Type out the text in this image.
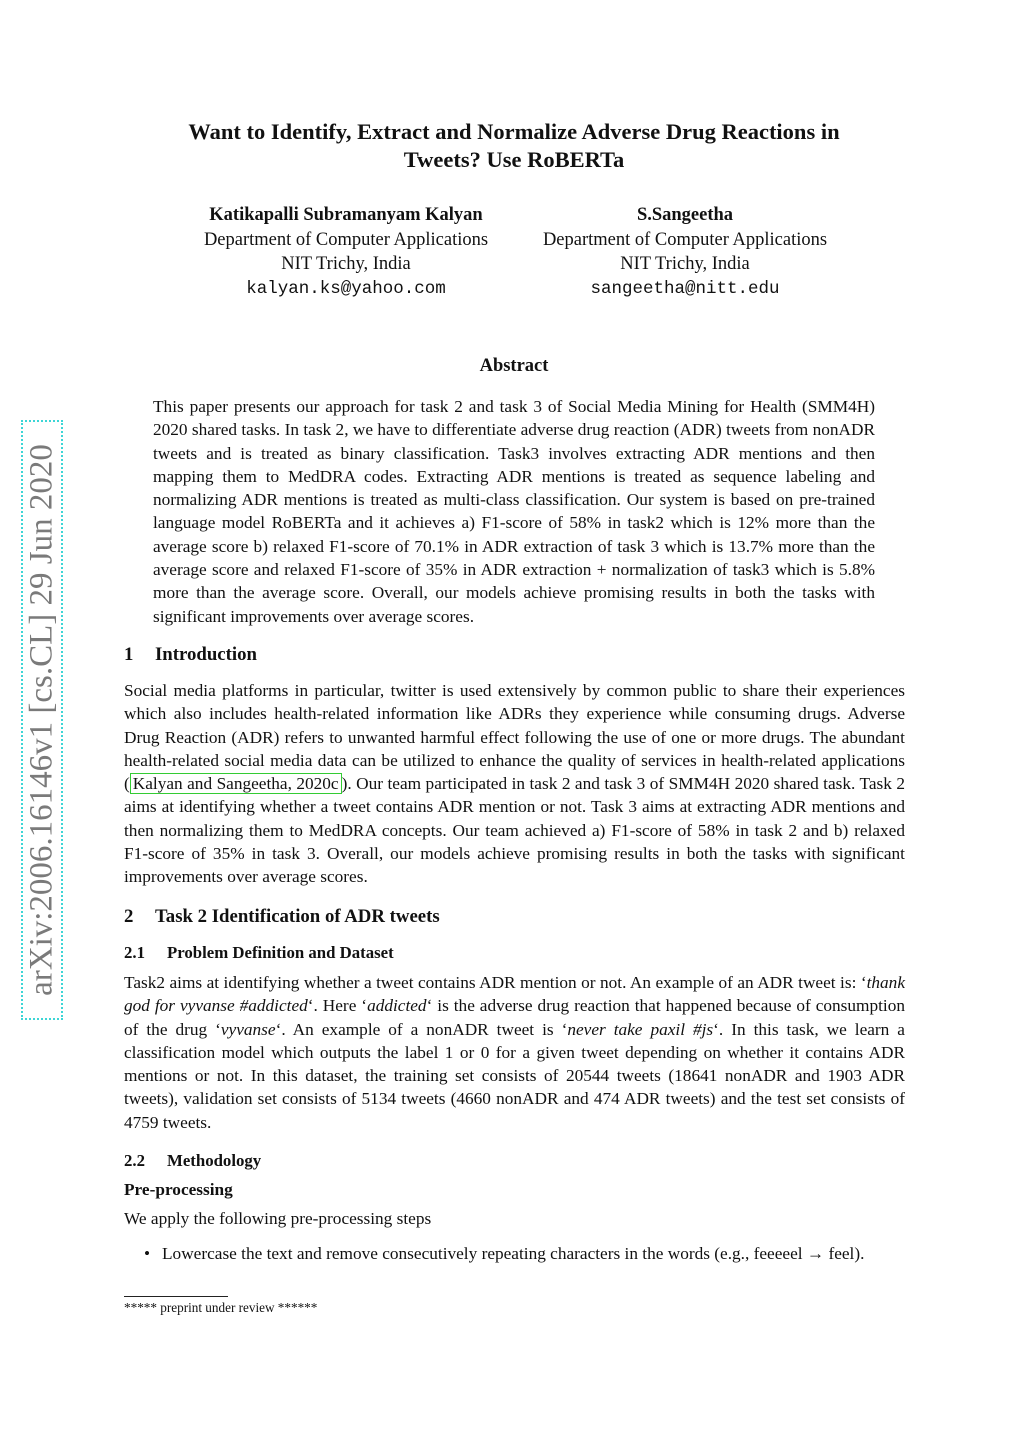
arXiv:2006.16146v1 [cs.CL] 29 Jun 2020
Want to Identify, Extract and Normalize Adverse Drug Reactions in
Tweets? Use RoBERTa
Katikapalli Subramanyam Kalyan
Department of Computer Applications
NIT Trichy, India
kalyan.ks@yahoo.com
S.Sangeetha
Department of Computer Applications
NIT Trichy, India
sangeetha@nitt.edu
Abstract
This paper presents our approach for task 2 and task 3 of Social Media Mining for Health (SMM4H) 2020 shared tasks. In task 2, we have to differentiate adverse drug reaction (ADR) tweets from nonADR tweets and is treated as binary classification. Task3 involves extracting ADR mentions and then mapping them to MedDRA codes. Extracting ADR mentions is treated as sequence labeling and normalizing ADR mentions is treated as multi-class classification. Our system is based on pre-trained language model RoBERTa and it achieves a) F1-score of 58% in task2 which is 12% more than the average score b) relaxed F1-score of 70.1% in ADR extraction of task 3 which is 13.7% more than the average score and relaxed F1-score of 35% in ADR extraction + normalization of task3 which is 5.8% more than the average score. Overall, our models achieve promising results in both the tasks with significant improvements over average scores.
1 Introduction
Social media platforms in particular, twitter is used extensively by common public to share their experiences which also includes health-related information like ADRs they experience while consuming drugs. Adverse Drug Reaction (ADR) refers to unwanted harmful effect following the use of one or more drugs. The abundant health-related social media data can be utilized to enhance the quality of services in health-related applications ( Kalyan and Sangeetha, 2020c ). Our team participated in task 2 and task 3 of SMM4H 2020 shared task. Task 2 aims at identifying whether a tweet contains ADR mention or not. Task 3 aims at extracting ADR mentions and then normalizing them to MedDRA concepts. Our team achieved a) F1-score of 58% in task 2 and b) relaxed F1-score of 35% in task 3. Overall, our models achieve promising results in both the tasks with significant improvements over average scores.
2 Task 2 Identification of ADR tweets
2.1 Problem Definition and Dataset
Task2 aims at identifying whether a tweet contains ADR mention or not. An example of an ADR tweet is: ‘thank god for vyvanse #addicted‘. Here ‘addicted‘ is the adverse drug reaction that happened because of consumption of the drug ‘vyvanse‘. An example of a nonADR tweet is ‘never take paxil #js‘. In this task, we learn a classification model which outputs the label 1 or 0 for a given tweet depending on whether it contains ADR mentions or not. In this dataset, the training set consists of 20544 tweets (18641 nonADR and 1903 ADR tweets), validation set consists of 5134 tweets (4660 nonADR and 474 ADR tweets) and the test set consists of 4759 tweets.
2.2 Methodology
Pre-processing
We apply the following pre-processing steps
• Lowercase the text and remove consecutively repeating characters in the words (e.g., feeeeel → feel).
***** preprint under review ******
